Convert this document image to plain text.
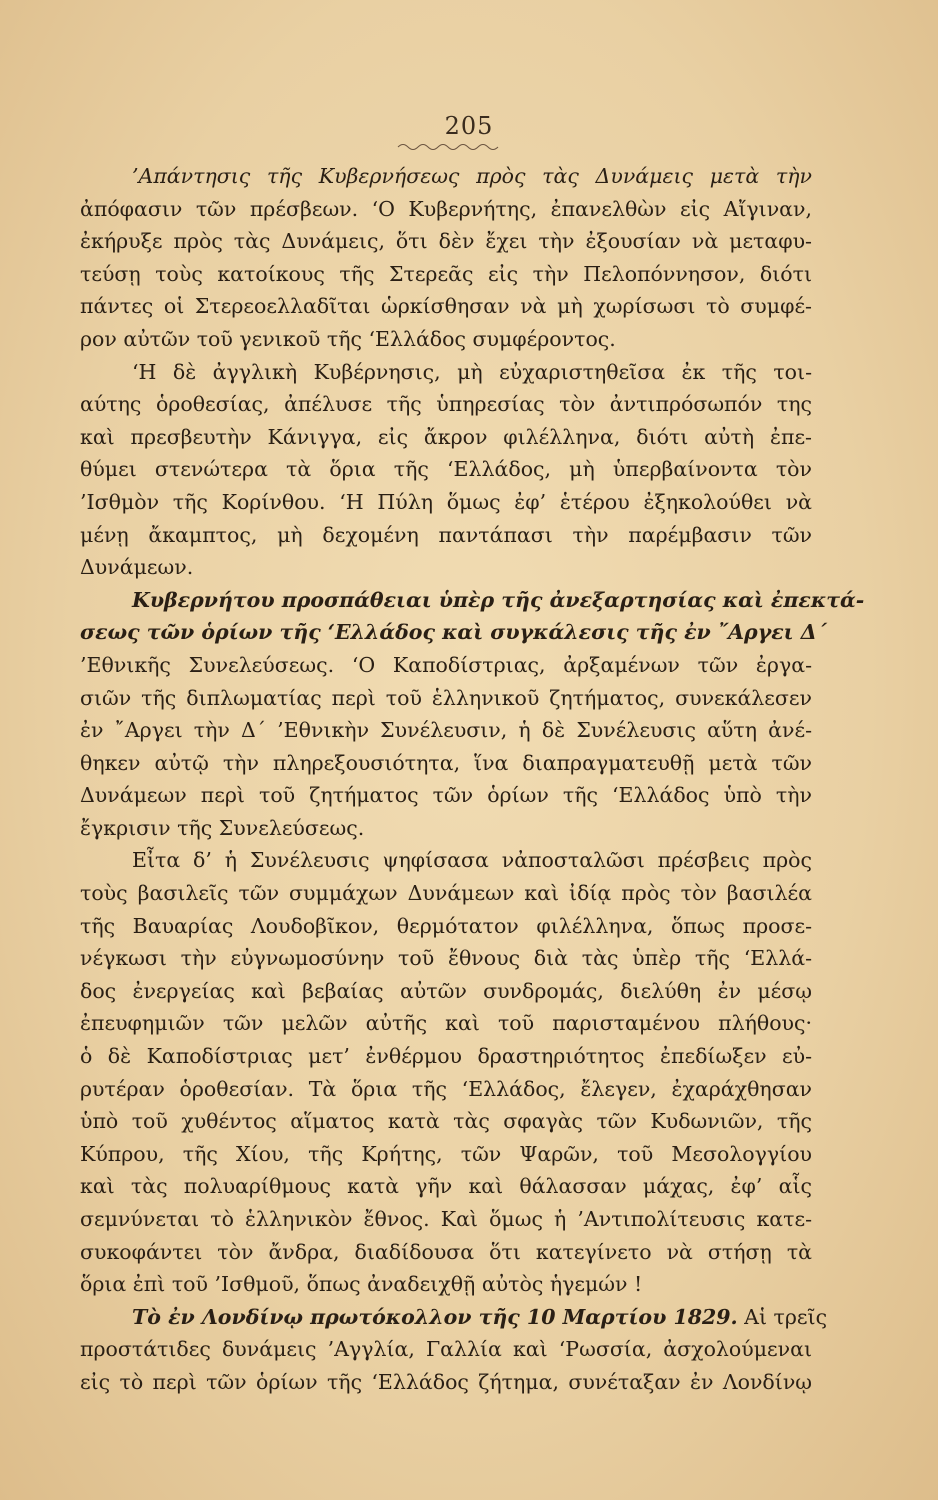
205
’Απάντησις τῆς Κυβερνήσεως πρὸς τὰς Δυνάμεις μετὰ τὴν
ἀπόφασιν τῶν πρέσβεων. ‘Ο Κυβερνήτης, ἐπανελθὼν εἰς Αἴγιναν,
ἐκήρυξε πρὸς τὰς Δυνάμεις, ὅτι δὲν ἔχει τὴν ἐξουσίαν νὰ μεταφυ-
τεύσῃ τοὺς κατοίκους τῆς Στερεᾶς εἰς τὴν Πελοπόννησον, διότι
πάντες οἱ Στερεοελλαδῖται ὡρκίσθησαν νὰ μὴ χωρίσωσι τὸ συμφέ-
ρον αὐτῶν τοῦ γενικοῦ τῆς ‘Ελλάδος συμφέροντος.
‘Η δὲ ἀγγλικὴ Κυβέρνησις, μὴ εὐχαριστηθεῖσα ἐκ τῆς τοι-
αύτης ὁροθεσίας, ἀπέλυσε τῆς ὑπηρεσίας τὸν ἀντιπρόσωπόν της
καὶ πρεσβευτὴν Κάνιγγα, εἰς ἄκρον φιλέλληνα, διότι αὐτὴ ἐπε-
θύμει στενώτερα τὰ ὅρια τῆς ‘Ελλάδος, μὴ ὑπερβαίνοντα τὸν
’Ισθμὸν τῆς Κορίνθου. ‘Η Πύλη ὅμως ἐφ’ ἑτέρου ἐξηκολούθει νὰ
μένῃ ἄκαμπτος, μὴ δεχομένη παντάπασι τὴν παρέμβασιν τῶν
Δυνάμεων.
Κυβερνήτου προσπάθειαι ὑπὲρ τῆς ἀνεξαρτησίας καὶ ἐπεκτά-
σεως τῶν ὁρίων τῆς ‘Ελλάδος καὶ συγκάλεσις τῆς ἐν ῎Αργει Δ΄
’Εθνικῆς Συνελεύσεως. ‘Ο Καποδίστριας, ἀρξαμένων τῶν ἐργα-
σιῶν τῆς διπλωματίας περὶ τοῦ ἑλληνικοῦ ζητήματος, συνεκάλεσεν
ἐν ῎Αργει τὴν Δ΄ ’Εθνικὴν Συνέλευσιν, ἡ δὲ Συνέλευσις αὕτη ἀνέ-
θηκεν αὐτῷ τὴν πληρεξουσιότητα, ἵνα διαπραγματευθῇ μετὰ τῶν
Δυνάμεων περὶ τοῦ ζητήματος τῶν ὁρίων τῆς ‘Ελλάδος ὑπὸ τὴν
ἔγκρισιν τῆς Συνελεύσεως.
Εἶτα δ’ ἡ Συνέλευσις ψηφίσασα νἀποσταλῶσι πρέσβεις πρὸς
τοὺς βασιλεῖς τῶν συμμάχων Δυνάμεων καὶ ἰδίᾳ πρὸς τὸν βασιλέα
τῆς Βαυαρίας Λουδοβῖκον, θερμότατον φιλέλληνα, ὅπως προσε-
νέγκωσι τὴν εὐγνωμοσύνην τοῦ ἔθνους διὰ τὰς ὑπὲρ τῆς ‘Ελλά-
δος ἐνεργείας καὶ βεβαίας αὐτῶν συνδρομάς, διελύθη ἐν μέσῳ
ἐπευφημιῶν τῶν μελῶν αὐτῆς καὶ τοῦ παρισταμένου πλήθους·
ὁ δὲ Καποδίστριας μετ’ ἐνθέρμου δραστηριότητος ἐπεδίωξεν εὐ-
ρυτέραν ὁροθεσίαν. Τὰ ὅρια τῆς ‘Ελλάδος, ἔλεγεν, ἐχαράχθησαν
ὑπὸ τοῦ χυθέντος αἵματος κατὰ τὰς σφαγὰς τῶν Κυδωνιῶν, τῆς
Κύπρου, τῆς Χίου, τῆς Κρήτης, τῶν Ψαρῶν, τοῦ Μεσολογγίου
καὶ τὰς πολυαρίθμους κατὰ γῆν καὶ θάλασσαν μάχας, ἐφ’ αἷς
σεμνύνεται τὸ ἑλληνικὸν ἔθνος. Καὶ ὅμως ἡ ’Αντιπολίτευσις κατε-
συκοφάντει τὸν ἄνδρα, διαδίδουσα ὅτι κατεγίνετο νὰ στήσῃ τὰ
ὅρια ἐπὶ τοῦ ’Ισθμοῦ, ὅπως ἀναδειχθῇ αὐτὸς ἡγεμών !
Τὸ ἐν Λονδίνῳ πρωτόκολλον τῆς 10 Μαρτίου 1829. Αἱ τρεῖς
προστάτιδες δυνάμεις ’Αγγλία, Γαλλία καὶ ‘Ρωσσία, ἀσχολούμεναι
εἰς τὸ περὶ τῶν ὁρίων τῆς ‘Ελλάδος ζήτημα, συνέταξαν ἐν Λονδίνῳ
